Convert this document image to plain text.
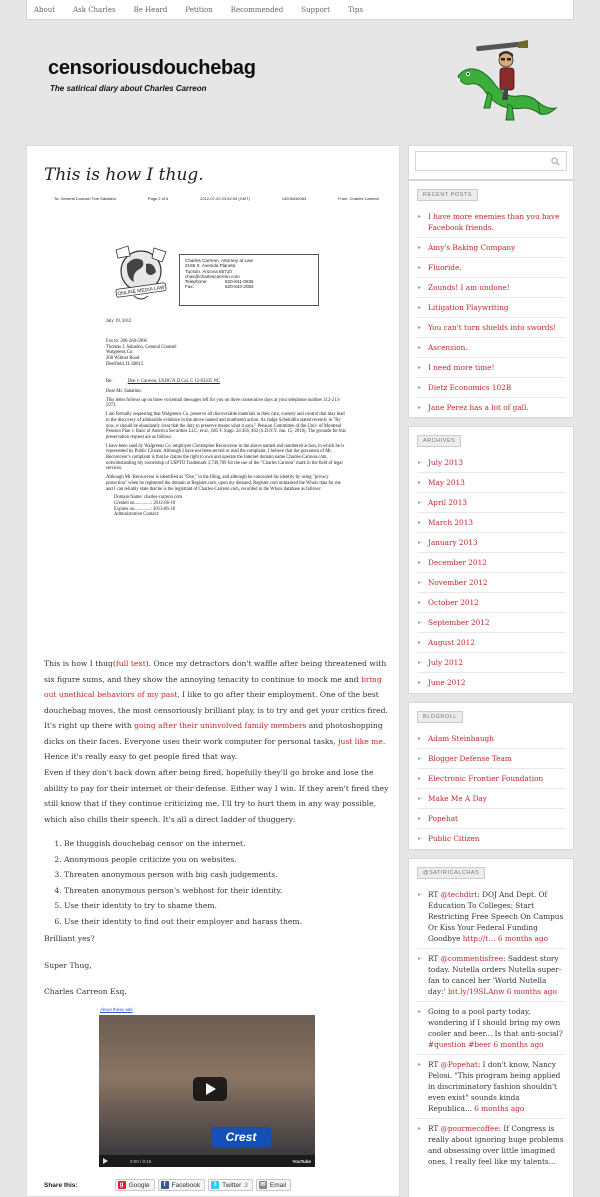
About	Ask Charles	Be Heard	Petition	Recommended	Support	Tips
censoriousdouchebag
The satirical diary about Charles Carreon
This is how I thug.
To: General Counsel Tom Sabatino	Page 2 of 5	2012-07-20 03:52:53 (GMT)	15208432083	From: Charles Carreon
ONLINE MEDIA LAW
Charles Carreon, Attorney at Law
2165 S. Avenida Planeta
Tucson, Arizona 85710
chas@charlescarreon.com
Telephone:	520-841-0835
Fax:	520-843-2083
July 19, 2012
Fax to: 206-260-5966
Thomas J. Sabatino, General Counsel
Walgreens Co.
200 Wilmot Road
Deerfield, IL 60015
Re:	Doe v. Carreon, USDC N.D.Cal. C 12-03435 NC

Dear Mr. Sabatino:

This letter follows up on three voicemail messages left for you on three consecutive days at your telephone number 312-213-5973.

I am formally requesting that Walgreens Co. preserve all discoverable materials in their care, custody and control that may lead to the discovery of admissible evidence in the above named and numbered action. As Judge Scheindlin stated recently in "By now, it should be abundantly clear that the duty to preserve means what it says." Pension Committee of the Univ. of Montreal Pension Plan v. Banc of America Securities LLC, et al., 685 F. Supp. 2d 456, 462 (S.D.N.Y. Jan. 15, 2010). The grounds for this preservation request are as follows.

I have been sued by Walgreens Co. employee Christopher Recouvreur in the above named and numbered action, in which he is represented by Public Citizen. Although I have not been served or read the complaint, I believe that the gravamen of Mr. Recouvreur's complaint is that he claims the right to own and operate the Internet domain name Charles-Carreon.com, notwithstanding my ownership of USPTO Trademark 3,749,709 for the use of the "Charles Carreon" mark in the field of legal services.

Although Mr. Recouvreur is identified as "Doe," in the filing, and although he concealed his identity by using "privacy protection" when he registered the domain at Register.com, upon my demand, Register.com unmasked the Whois data for me and I can reliably state that he is the registrant of Charles-Carreon.com, recorded in the Whois database as follows:

Domain Name: charles-carreon.com
Created on..............: 2012-06-18
Expires on..............: 2013-06-18
Administrative Contact:
This is how I thug(full text). Once my detractors don't waffle after being threatened with six figure sums, and they show the annoying tenacity to continue to mock me and bring out unethical behaviors of my past, I like to go after their employment. One of the best douchebag moves, the most censoriously brilliant play, is to try and get your critics fired. It's right up there with going after their uninvolved family members and photoshopping dicks on their faces. Everyone uses their work computer for personal tasks, just like me. Hence it's really easy to get people fired that way.
Even if they don't back down after being fired, hopefully they'll go broke and lose the ability to pay for their internet or their defense. Either way I win. If they aren't fired they still know that if they continue criticizing me, I'll try to hurt them in any way possible, which also chills their speech. It's all a direct ladder of thuggery:
1. Be thuggish douchebag censor on the internet.
2. Anonymous people criticize you on websites.
3. Threaten anonymous person with big cash judgements.
4. Threaten anonymous person's webhost for their identity.
5. Use their identity to try to shame them.
6. Use their identity to find out their employer and harass them.
Brilliant yes?
Super Thug,
Charles Carreon Esq.
About these ads
Crest
0:00 / 0:16	YouTube
Share this:	g Google	f Facebook	t Twitter 3 ✉ Email
RECENT POSTS
▸ I have more enemies than you have Facebook friends.
▸ Amy's Baking Company
▸ Fluoride.
▸ Zounds! I am undone!
▸ Litigation Playwriting
▸ You can't turn shields into swords!
▸ Ascension.
▸ I need more time!
▸ Dietz Economics 102B
▸ Jane Perez has a lot of gall.
ARCHIVES
▸ July 2013
▸ May 2013
▸ April 2013
▸ March 2013
▸ January 2013
▸ December 2012
▸ November 2012
▸ October 2012
▸ September 2012
▸ August 2012
▸ July 2012
▸ June 2012
BLOGROLL
▸ Adam Steinbaugh
▸ Blogger Defense Team
▸ Electronic Frontier Foundation
▸ Make Me A Day
▸ Popehat
▸ Public Citizen
@SATIRICALCHAS
▸ RT @techdirt: DOJ And Dept. Of Education To Colleges: Start Restricting Free Speech On Campus Or Kiss Your Federal Funding Goodbye http://t… 6 months ago
▸ RT @commentisfree: Saddest story today. Nutella orders Nutella super-fan to cancel her 'World Nutella day:' bit.ly/19SLAnw 6 months ago
▸ Going to a pool party today, wondering if I should bring my own cooler and beer... Is that anti-social? #question #beer 6 months ago
▸ RT @Popehat: I don't know, Nancy Pelosi. "This program being applied in discriminatory fashion shouldn't even exist" sounds kinda Republica... 6 months ago
▸ RT @pourmecoffee: If Congress is really about ignoring huge problems and obsessing over little imagined ones, I really feel like my talents...
